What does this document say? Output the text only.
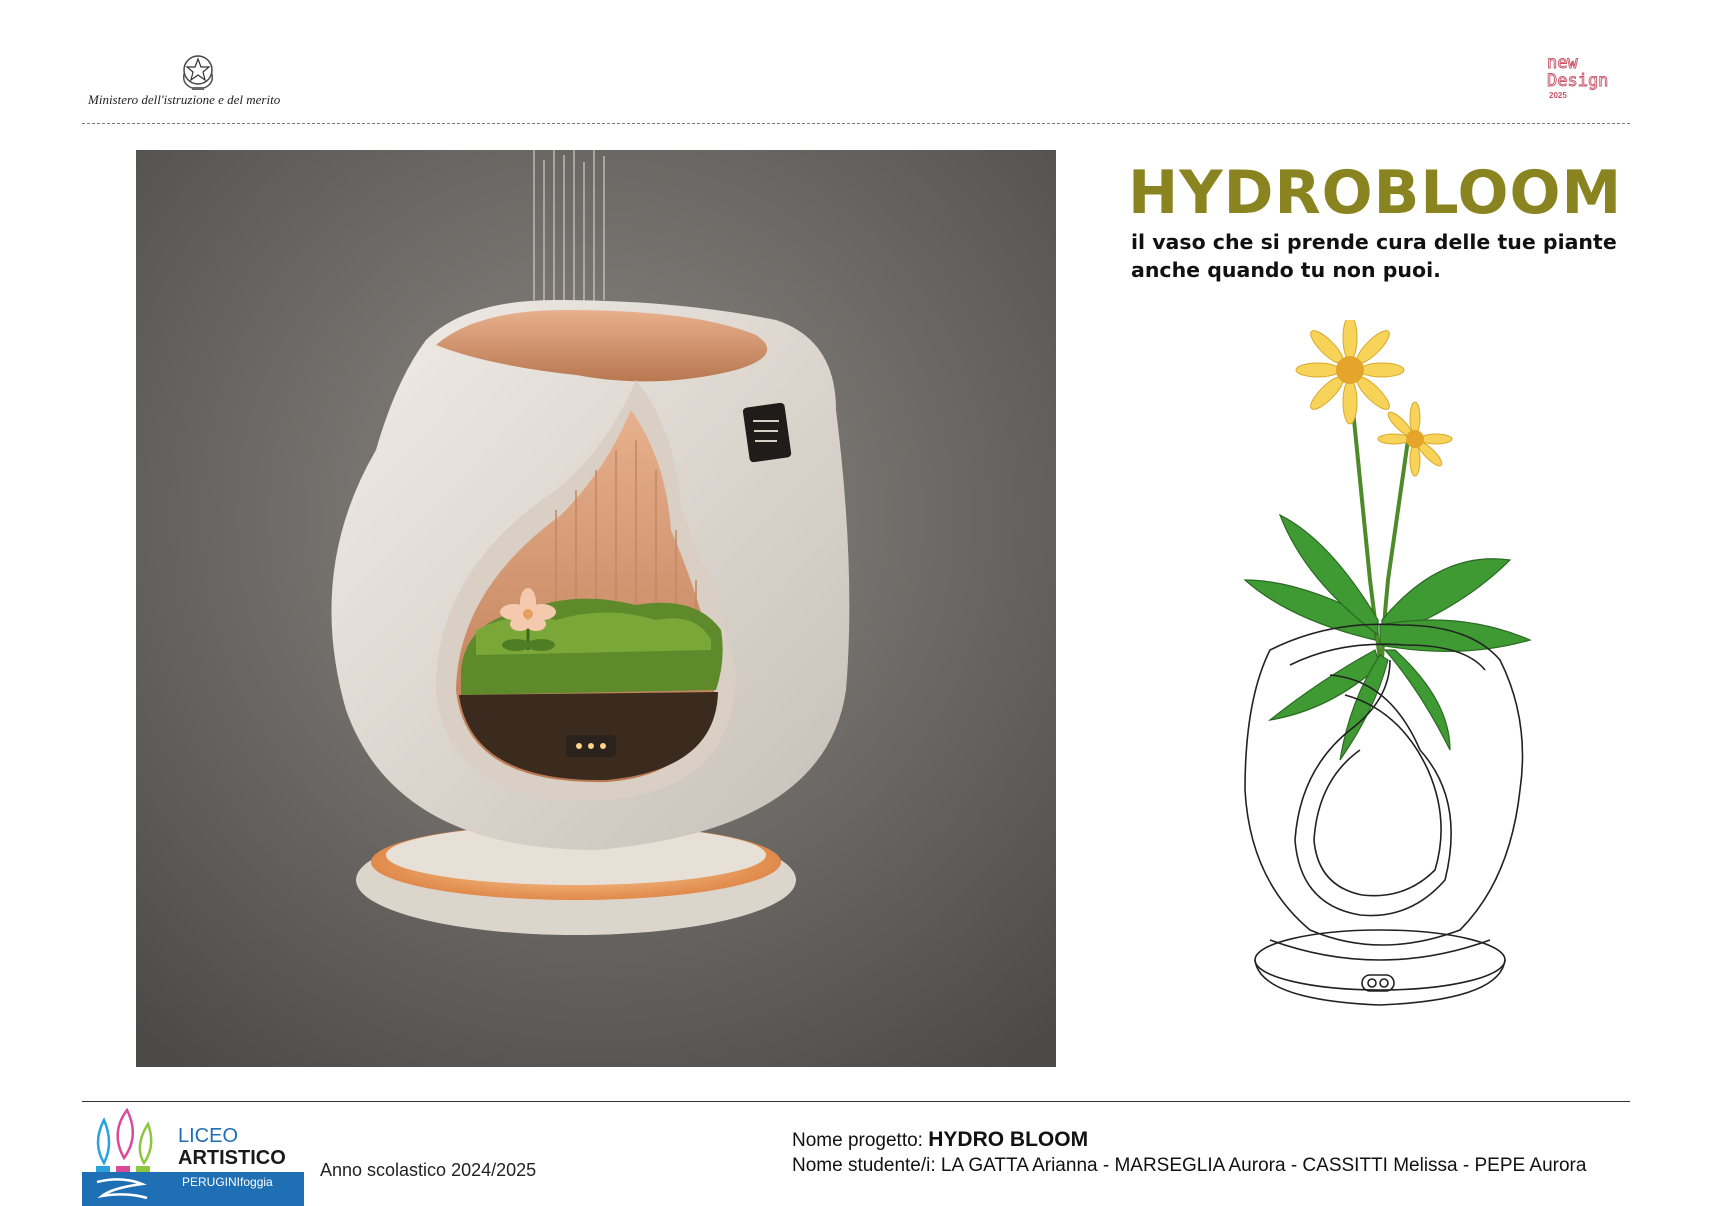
Ministero dell'istruzione e del merito
new
Design
2025
HYDROBLOOM
il vaso che si prende cura delle tue piante
anche quando tu non puoi.
LICEO
ARTISTICO
PERUGINIfoggia
Anno scolastico 2024/2025
Nome progetto: HYDRO BLOOM
Nome studente/i: LA GATTA Arianna - MARSEGLIA Aurora - CASSITTI Melissa - PEPE Aurora
